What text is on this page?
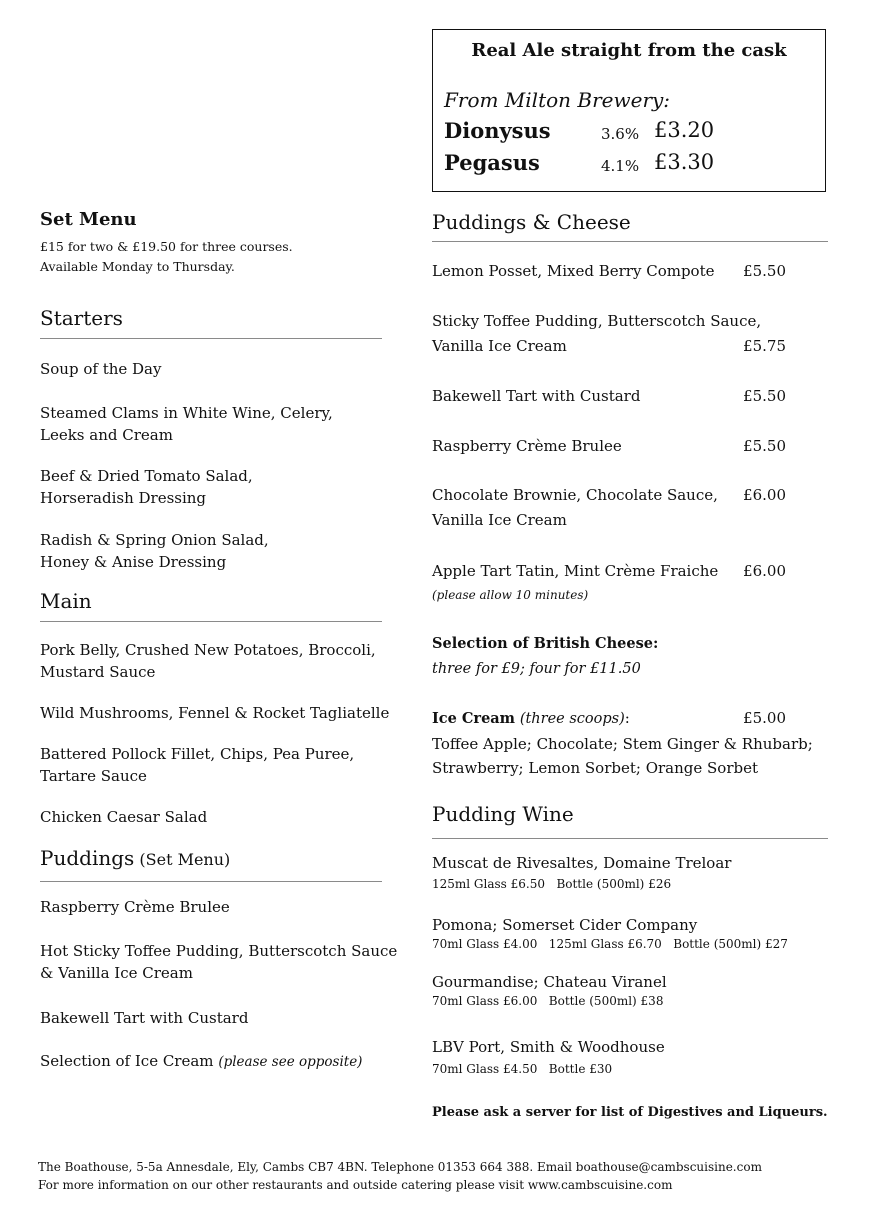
Real Ale straight from the cask
From Milton Brewery:
Dionysus	3.6% £3.20
Pegasus	4.1% £3.30
Set Menu
£15 for two & £19.50 for three courses.
Available Monday to Thursday.
Starters
Soup of the Day
Steamed Clams in White Wine, Celery,
Leeks and Cream
Beef & Dried Tomato Salad,
Horseradish Dressing
Radish & Spring Onion Salad,
Honey & Anise Dressing
Main
Pork Belly, Crushed New Potatoes, Broccoli,
Mustard Sauce
Wild Mushrooms, Fennel & Rocket Tagliatelle
Battered Pollock Fillet, Chips, Pea Puree,
Tartare Sauce
Chicken Caesar Salad
Puddings (Set Menu)
Raspberry Crème Brulee
Hot Sticky Toffee Pudding, Butterscotch Sauce
& Vanilla Ice Cream
Bakewell Tart with Custard
Selection of Ice Cream (please see opposite)
Puddings & Cheese
Lemon Posset, Mixed Berry Compote	£5.50
Sticky Toffee Pudding, Butterscotch Sauce,
Vanilla Ice Cream	£5.75
Bakewell Tart with Custard	£5.50
Raspberry Crème Brulee	£5.50
Chocolate Brownie, Chocolate Sauce,	£6.00
Vanilla Ice Cream
Apple Tart Tatin, Mint Crème Fraiche	£6.00
(please allow 10 minutes)
Selection of British Cheese:
three for £9; four for £11.50
Ice Cream (three scoops):	£5.00
Toffee Apple; Chocolate; Stem Ginger & Rhubarb;
Strawberry; Lemon Sorbet; Orange Sorbet
Pudding Wine
Muscat de Rivesaltes, Domaine Treloar
125ml Glass £6.50   Bottle (500ml) £26
Pomona; Somerset Cider Company
70ml Glass £4.00   125ml Glass £6.70   Bottle (500ml) £27
Gourmandise; Chateau Viranel
70ml Glass £6.00   Bottle (500ml) £38
LBV Port, Smith & Woodhouse
70ml Glass £4.50   Bottle £30
Please ask a server for list of Digestives and Liqueurs.
The Boathouse, 5-5a Annesdale, Ely, Cambs CB7 4BN. Telephone 01353 664 388. Email boathouse@cambscuisine.com
For more information on our other restaurants and outside catering please visit www.cambscuisine.com
